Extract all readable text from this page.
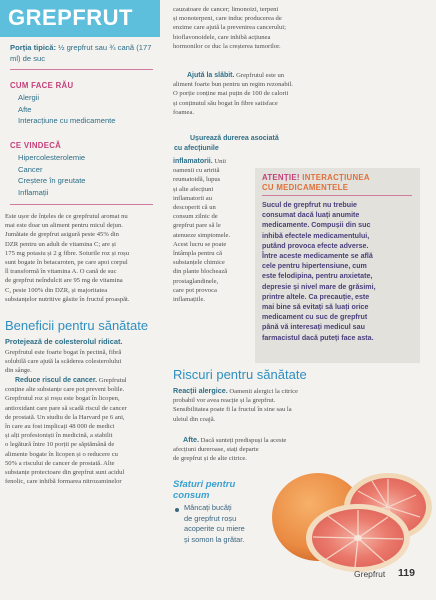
GREPFRUT
Porția tipică: ½ grepfrut sau ¾ cană (177 ml) de suc
CUM FACE RĂU
Alergii
Afte
Interacțiune cu medicamente
CE VINDECĂ
Hipercolesterolemie
Cancer
Creștere în greutate
Inflamații
Este ușor de înțeles de ce grepfrutul aromat nu
mai este doar un aliment pentru micul dejun.
Jumătate de grepfrut asigură peste 45% din
DZR pentru un adult de vitamina C; are și
175 mg potasiu și 2 g fibre. Soiurile roz și roșu
sunt bogate în betacaroten, pe care apoi corpul
îl transformă în vitamina A. O cană de suc
de grepfrut neîndulcit are 95 mg de vitamina
C, peste 100% din DZR, și majoritatea
substanțelor nutritive găsite în fructul proaspăt.
Beneficii pentru sănătate
Protejează de colesterolul ridicat.
Grepfrutul este foarte bogat în pectină, fibră
solubilă care ajută la scăderea colesterolului
din sânge.
Reduce riscul de cancer. Grepfrutul
conține alte substanțe care pot preveni bolile.
Grepfrutul roz și roșu este bogat în licopen,
antioxidant care pare să scadă riscul de cancer
de prostată. Un studiu de la Harvard pe 6 ani,
în care au fost implicați 48 000 de medici
și alți profesioniști în medicină, a stabilit
o legătură între 10 porții pe săptămână de
alimente bogate în licopen și o reducere cu
50% a riscului de cancer de prostată. Alte
substanțe protectoare din grepfrut sunt acidul
fenolic, care inhibă formarea nitrozaminelor
cauzatoare de cancer; limonoizi, terpeni
și monoterpeni, care induc producerea de
enzime care ajută la prevenirea cancerului;
bioflavonoidele, care inhibă acțiunea
hormonilor ce duc la creșterea tumorilor.
Ajută la slăbit. Grepfrutul este un
aliment foarte bun pentru un regim rezonabil.
O porție conține mai puțin de 100 de calorii
și conținutul său bogat în fibre satisface
foamea.
Ușurează durerea asociată
cu afecțiunile
inflamatorii. Unii
oamenii cu artrită
reumatoidă, lupus
și alte afecțiuni
inflamatorii au
descoperit că un
consum zilnic de
grepfrut pare să le
atenueze simptomele.
Acest lucru se poate
întâmpla pentru că
substanțele chimice
din plante blochează
prostaglandinele,
care pot provoca
inflamațiile.
ATENȚIE! INTERACȚIUNEA
CU MEDICAMENTELE
Sucul de grepfrut nu trebuie
consumat dacă luați anumite
medicamente. Compușii din suc
inhibă efectele medicamentului,
putând provoca efecte adverse.
Între aceste medicamente se află
cele pentru hipertensiune, cum
este felodipina, pentru anxietate,
depresie și nivel mare de grăsimi,
printre altele. Ca precauție, este
mai bine să evitați să luați orice
medicament cu suc de grepfrut
până vă interesați medicul sau
farmacistul dacă puteți face asta.
Riscuri pentru sănătate
Reacții alergice. Oamenii alergici la citrice
probabil vor avea reacție și la grepfrut.
Sensibilitatea poate fi la fructul în sine sau la
uleiul din coajă.
Afte. Dacă sunteți predispuși la aceste
afecțiuni dureroase, stați departe
de grepfrut și de alte citrice.
Sfaturi pentru
consum
Mâncați bucăți
de grepfrut roșu
acoperite cu miere
și somon la grătar.
Grepfrut 119
